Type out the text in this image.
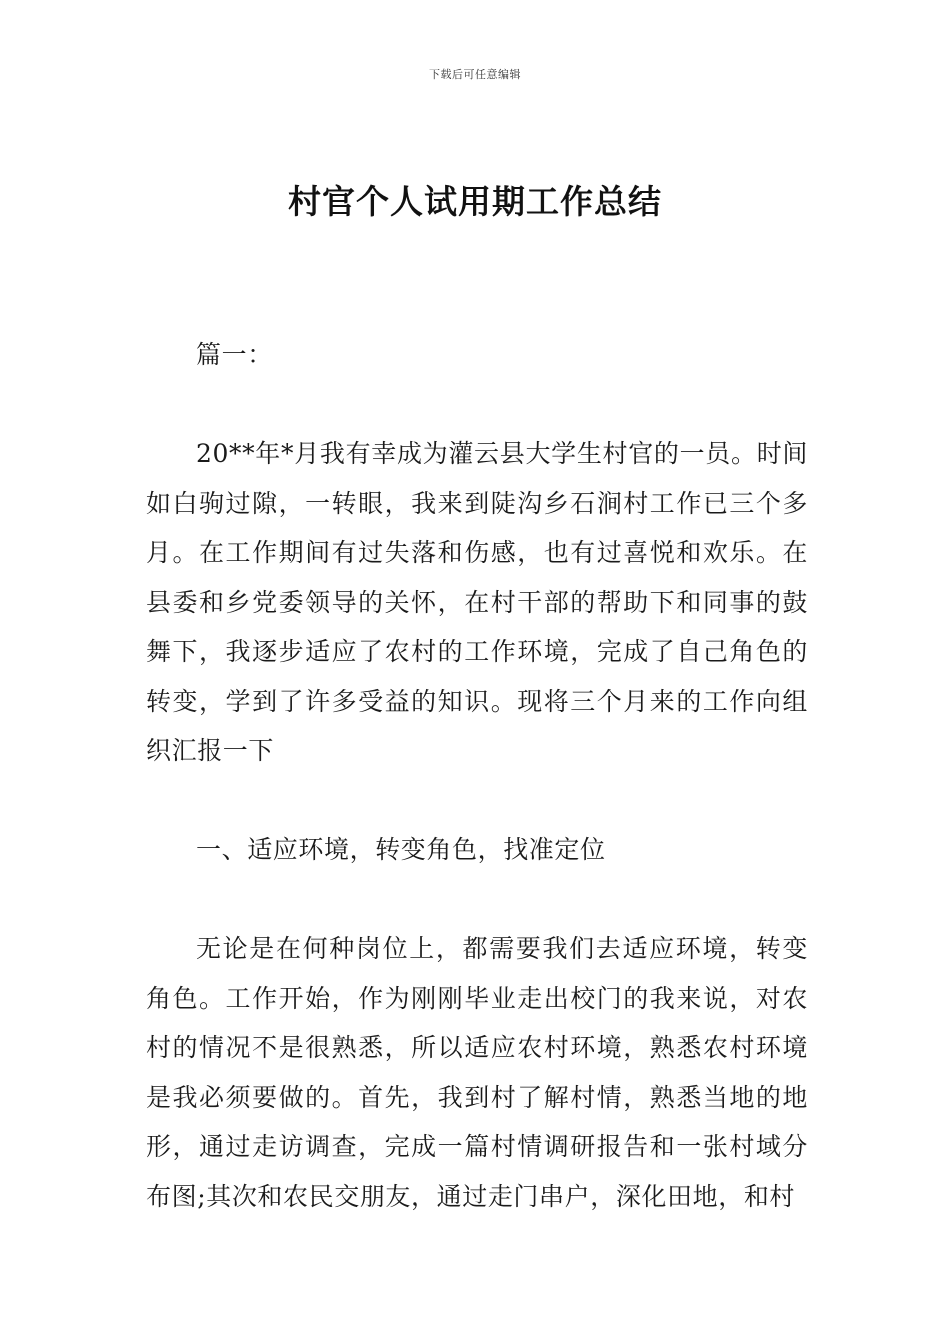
下载后可任意编辑
村官个人试用期工作总结

篇一：

20**年*月我有幸成为灌云县大学生村官的一员。时间如白驹过隙，一转眼，我来到陡沟乡石涧村工作已三个多月。在工作期间有过失落和伤感，也有过喜悦和欢乐。在县委和乡党委领导的关怀，在村干部的帮助下和同事的鼓舞下，我逐步适应了农村的工作环境，完成了自己角色的转变，学到了许多受益的知识。现将三个月来的工作向组织汇报一下

一、适应环境，转变角色，找准定位

无论是在何种岗位上，都需要我们去适应环境，转变角色。工作开始，作为刚刚毕业走出校门的我来说，对农村的情况不是很熟悉，所以适应农村环境，熟悉农村环境是我必须要做的。首先，我到村了解村情，熟悉当地的地形，通过走访调查，完成一篇村情调研报告和一张村域分布图;其次和农民交朋友，通过走门串户，深化田地，和村
